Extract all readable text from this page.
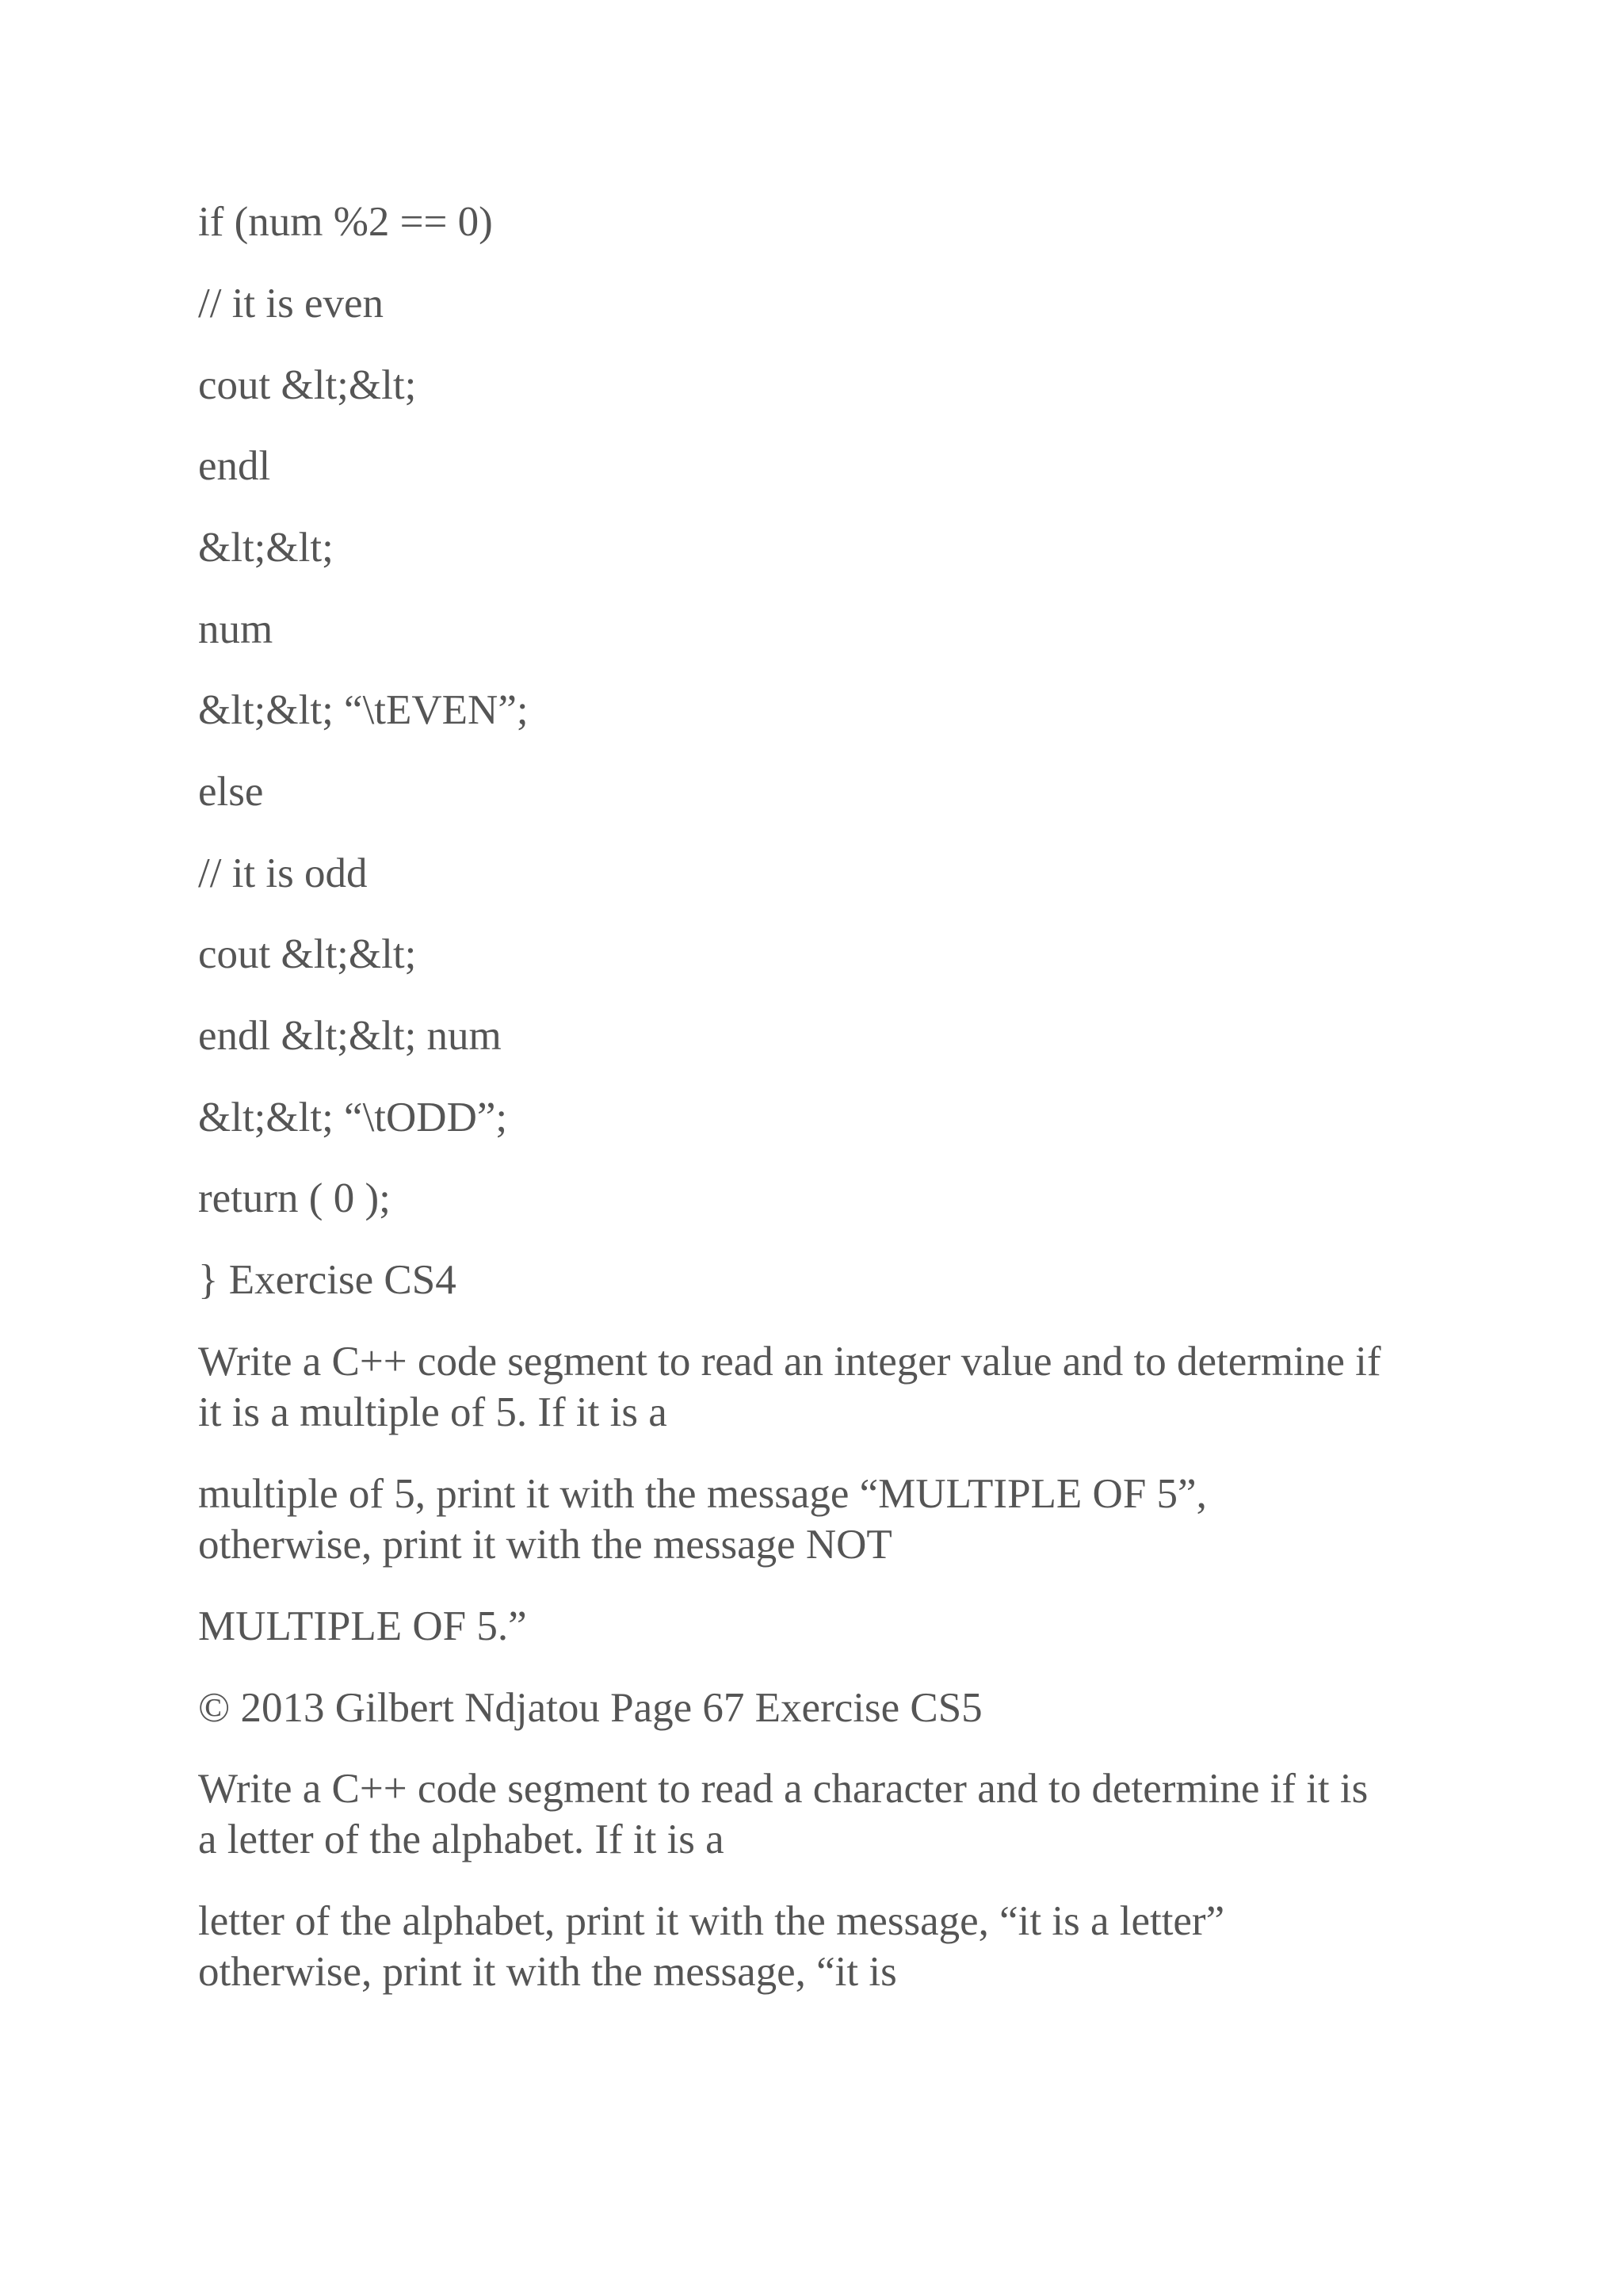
if (num %2 == 0)

// it is even

cout &lt;&lt;

endl

&lt;&lt;

num

&lt;&lt; “\tEVEN”;

else

// it is odd

cout &lt;&lt;

endl &lt;&lt; num

&lt;&lt; “\tODD”;

return ( 0 );

} Exercise CS4

Write a C++ code segment to read an integer value and to determine if
it is a multiple of 5. If it is a

multiple of 5, print it with the message “MULTIPLE OF 5”,
otherwise, print it with the message NOT

MULTIPLE OF 5.”

© 2013 Gilbert Ndjatou Page 67 Exercise CS5

Write a C++ code segment to read a character and to determine if it is
a letter of the alphabet. If it is a

letter of the alphabet, print it with the message, “it is a letter”
otherwise, print it with the message, “it is
